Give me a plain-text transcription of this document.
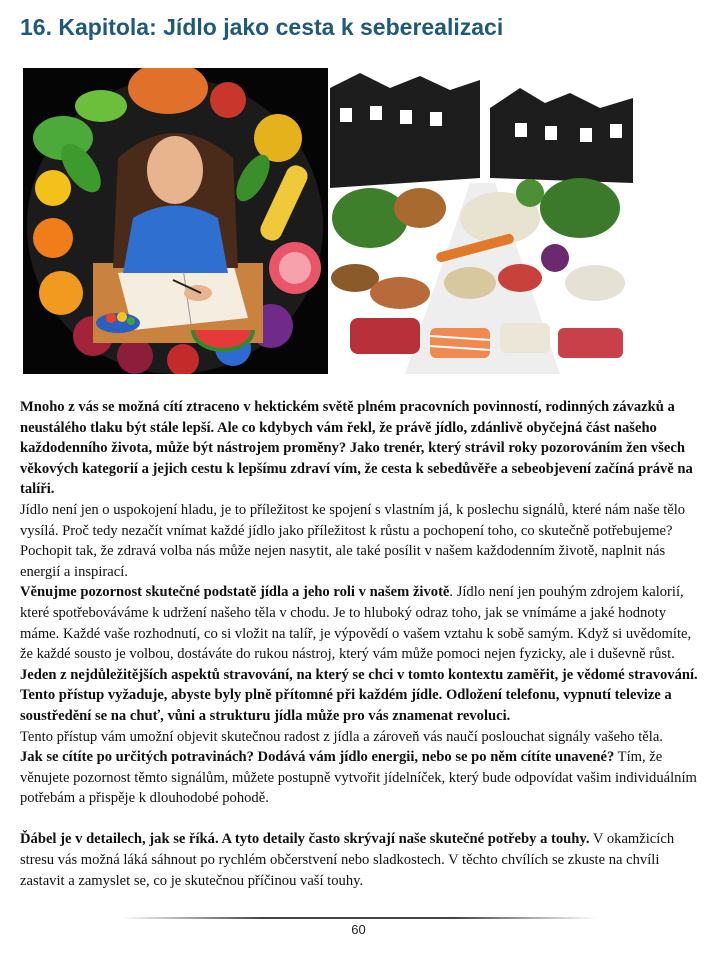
16. Kapitola: Jídlo jako cesta k seberealizaci

Mnoho z vás se možná cítí ztraceno v hektickém světě plném pracovních povinností, rodinných závazků a neustálého tlaku být stále lepší. Ale co kdybych vám řekl, že právě jídlo, zdánlivě obyčejná část našeho každodenního života, může být nástrojem proměny? Jako trenér, který strávil roky pozorováním žen všech věkových kategorií a jejich cestu k lepšímu zdraví vím, že cesta k sebedůvěře a sebeobjevení začíná právě na talíři.

Jídlo není jen o uspokojení hladu, je to příležitost ke spojení s vlastním já, k poslechu signálů, které nám naše tělo vysílá. Proč tedy nezačít vnímat každé jídlo jako příležitost k růstu a pochopení toho, co skutečně potřebujeme? Pochopit tak, že zdravá volba nás může nejen nasytit, ale také posílit v našem každodenním životě, naplnit nás energií a inspirací.

Věnujme pozornost skutečné podstatě jídla a jeho roli v našem životě. Jídlo není jen pouhým zdrojem kalorií, které spotřebováváme k udržení našeho těla v chodu. Je to hluboký odraz toho, jak se vnímáme a jaké hodnoty máme. Každé vaše rozhodnutí, co si vložit na talíř, je výpovědí o vašem vztahu k sobě samým. Když si uvědomíte, že každé sousto je volbou, dostáváte do rukou nástroj, který vám může pomoci nejen fyzicky, ale i duševně růst.

Jeden z nejdůležitějších aspektů stravování, na který se chci v tomto kontextu zaměřit, je vědomé stravování. Tento přístup vyžaduje, abyste byly plně přítomné při každém jídle. Odložení telefonu, vypnutí televize a soustředění se na chuť, vůni a strukturu jídla může pro vás znamenat revoluci.

Tento přístup vám umožní objevit skutečnou radost z jídla a zároveň vás naučí poslouchat signály vašeho těla.

Jak se cítíte po určitých potravinách? Dodává vám jídlo energii, nebo se po něm cítíte unavené? Tím, že věnujete pozornost těmto signálům, můžete postupně vytvořit jídelníček, který bude odpovídat vašim individuálním potřebám a přispěje k dlouhodobé pohodě.

Ďábel je v detailech, jak se říká. A tyto detaily často skrývají naše skutečné potřeby a touhy. V okamžicích stresu vás možná láká sáhnout po rychlém občerstvení nebo sladkostech. V těchto chvílích se zkuste na chvíli zastavit a zamyslet se, co je skutečnou příčinou vaší touhy.

60
